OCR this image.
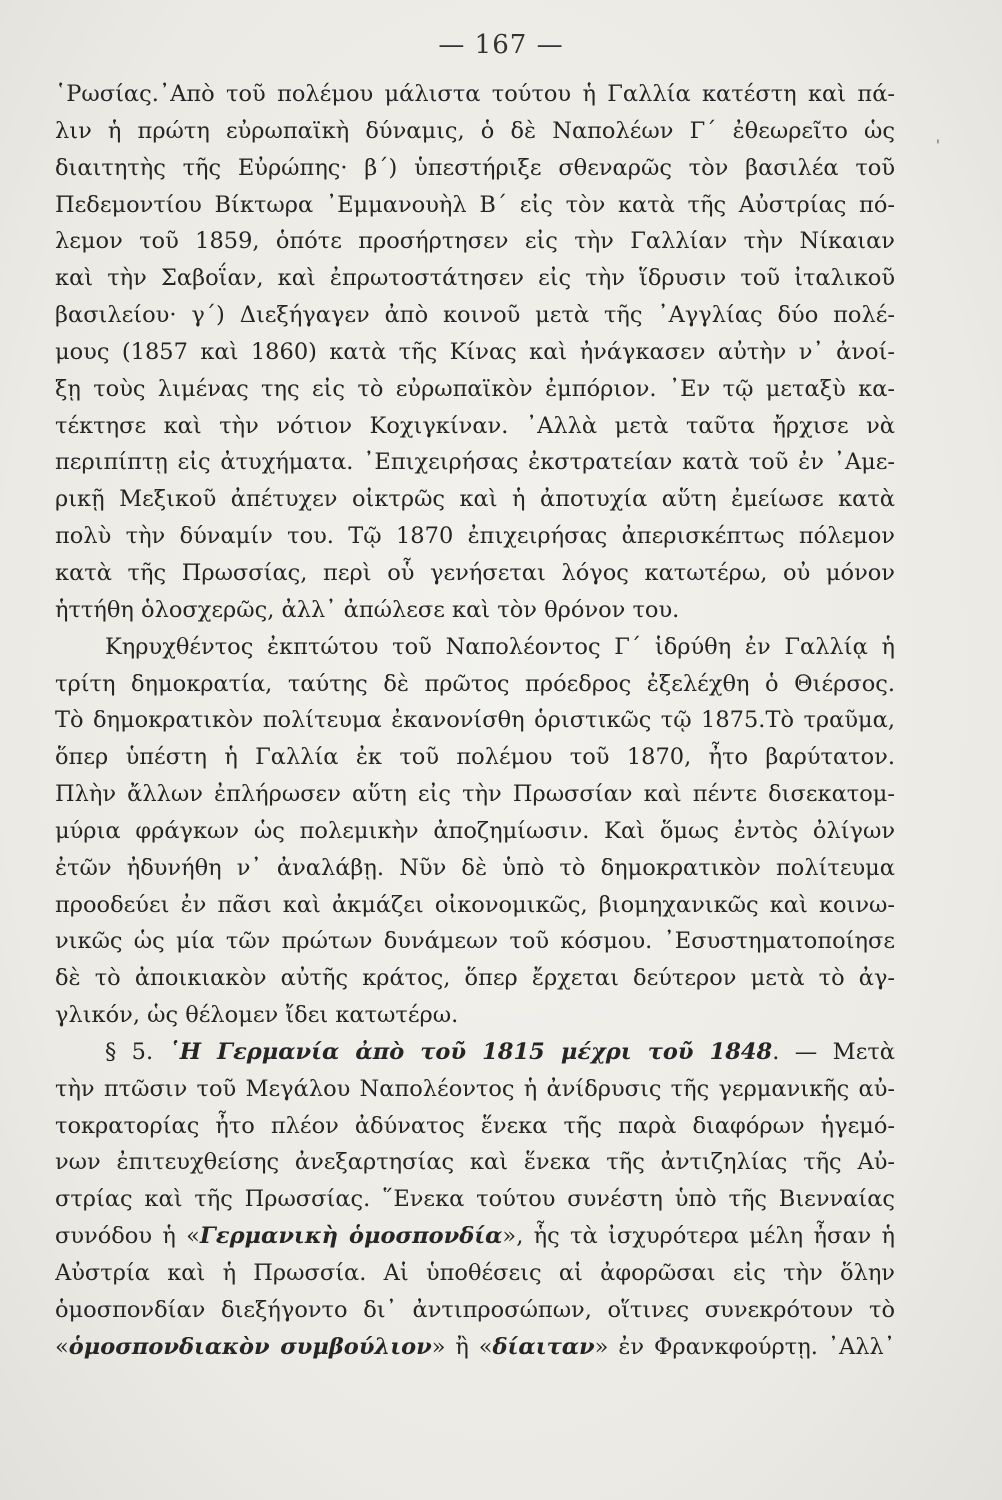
— 167 —
῾Ρωσίας.᾿Απὸ τοῦ πολέμου μάλιστα τούτου ἡ Γαλλία κατέστη καὶ πά-
λιν ἡ πρώτη εὐρωπαϊκὴ δύναμις, ὁ δὲ Ναπολέων Γ΄ ἐθεωρεῖτο ὡς
διαιτητὴς τῆς Εὐρώπης· β΄) ὑπεστήριξε σθεναρῶς τὸν βασιλέα τοῦ
Πεδεμοντίου Βίκτωρα ᾿Εμμανουὴλ Β΄ εἰς τὸν κατὰ τῆς Αὐστρίας πό-
λεμον τοῦ 1859, ὁπότε προσήρτησεν εἰς τὴν Γαλλίαν τὴν Νίκαιαν
καὶ τὴν Σαβοΐαν, καὶ ἐπρωτοστάτησεν εἰς τὴν ἵδρυσιν τοῦ ἰταλικοῦ
βασιλείου· γ΄) Διεξήγαγεν ἀπὸ κοινοῦ μετὰ τῆς ᾿Αγγλίας δύο πολέ-
μους (1857 καὶ 1860) κατὰ τῆς Κίνας καὶ ἠνάγκασεν αὐτὴν ν᾿ ἀνοί-
ξῃ τοὺς λιμένας της εἰς τὸ εὐρωπαϊκὸν ἐμπόριον. ᾿Εν τῷ μεταξὺ κα-
τέκτησε καὶ τὴν νότιον Κοχιγκίναν. ᾿Αλλὰ μετὰ ταῦτα ἤρχισε νὰ
περιπίπτῃ εἰς ἀτυχήματα. ᾿Επιχειρήσας ἐκστρατείαν κατὰ τοῦ ἐν ᾿Αμε-
ρικῇ Μεξικοῦ ἀπέτυχεν οἰκτρῶς καὶ ἡ ἀποτυχία αὕτη ἐμείωσε κατὰ
πολὺ τὴν δύναμίν του. Τῷ 1870 ἐπιχειρήσας ἀπερισκέπτως πόλεμον
κατὰ τῆς Πρωσσίας, περὶ οὗ γενήσεται λόγος κατωτέρω, οὐ μόνον
ἡττήθη ὁλοσχερῶς, ἀλλ᾿ ἀπώλεσε καὶ τὸν θρόνον του.
Κηρυχθέντος ἐκπτώτου τοῦ Ναπολέοντος Γ΄ ἱδρύθη ἐν Γαλλίᾳ ἡ
τρίτη δημοκρατία, ταύτης δὲ πρῶτος πρόεδρος ἐξελέχθη ὁ Θιέρσος.
Τὸ δημοκρατικὸν πολίτευμα ἐκανονίσθη ὁριστικῶς τῷ 1875.Τὸ τραῦμα,
ὅπερ ὑπέστη ἡ Γαλλία ἐκ τοῦ πολέμου τοῦ 1870, ἦτο βαρύτατον.
Πλὴν ἄλλων ἐπλήρωσεν αὕτη εἰς τὴν Πρωσσίαν καὶ πέντε δισεκατομ-
μύρια φράγκων ὡς πολεμικὴν ἀποζημίωσιν. Καὶ ὅμως ἐντὸς ὀλίγων
ἐτῶν ἠδυνήθη ν᾿ ἀναλάβῃ. Νῦν δὲ ὑπὸ τὸ δημοκρατικὸν πολίτευμα
προοδεύει ἐν πᾶσι καὶ ἀκμάζει οἰκονομικῶς, βιομηχανικῶς καὶ κοινω-
νικῶς ὡς μία τῶν πρώτων δυνάμεων τοῦ κόσμου. ᾿Εσυστηματοποίησε
δὲ τὸ ἀποικιακὸν αὐτῆς κράτος, ὅπερ ἔρχεται δεύτερον μετὰ τὸ ἀγ-
γλικόν, ὡς θέλομεν ἴδει κατωτέρω.
§ 5. ῾Η Γερμανία ἀπὸ τοῦ 1815 μέχρι τοῦ 1848. — Μετὰ
τὴν πτῶσιν τοῦ Μεγάλου Ναπολέοντος ἡ ἀνίδρυσις τῆς γερμανικῆς αὐ-
τοκρατορίας ἦτο πλέον ἀδύνατος ἕνεκα τῆς παρὰ διαφόρων ἡγεμό-
νων ἐπιτευχθείσης ἀνεξαρτησίας καὶ ἕνεκα τῆς ἀντιζηλίας τῆς Αὐ-
στρίας καὶ τῆς Πρωσσίας. ῞Ενεκα τούτου συνέστη ὑπὸ τῆς Βιενναίας
συνόδου ἡ «Γερμανικὴ ὁμοσπονδία», ἧς τὰ ἰσχυρότερα μέλη ἦσαν ἡ
Αὐστρία καὶ ἡ Πρωσσία. Αἱ ὑποθέσεις αἱ ἀφορῶσαι εἰς τὴν ὅλην
ὁμοσπονδίαν διεξήγοντο δι᾿ ἀντιπροσώπων, οἵτινες συνεκρότουν τὸ
«ὁμοσπονδιακὸν συμβούλιον» ἢ «δίαιταν» ἐν Φρανκφούρτῃ. ᾿Αλλ᾿
'
